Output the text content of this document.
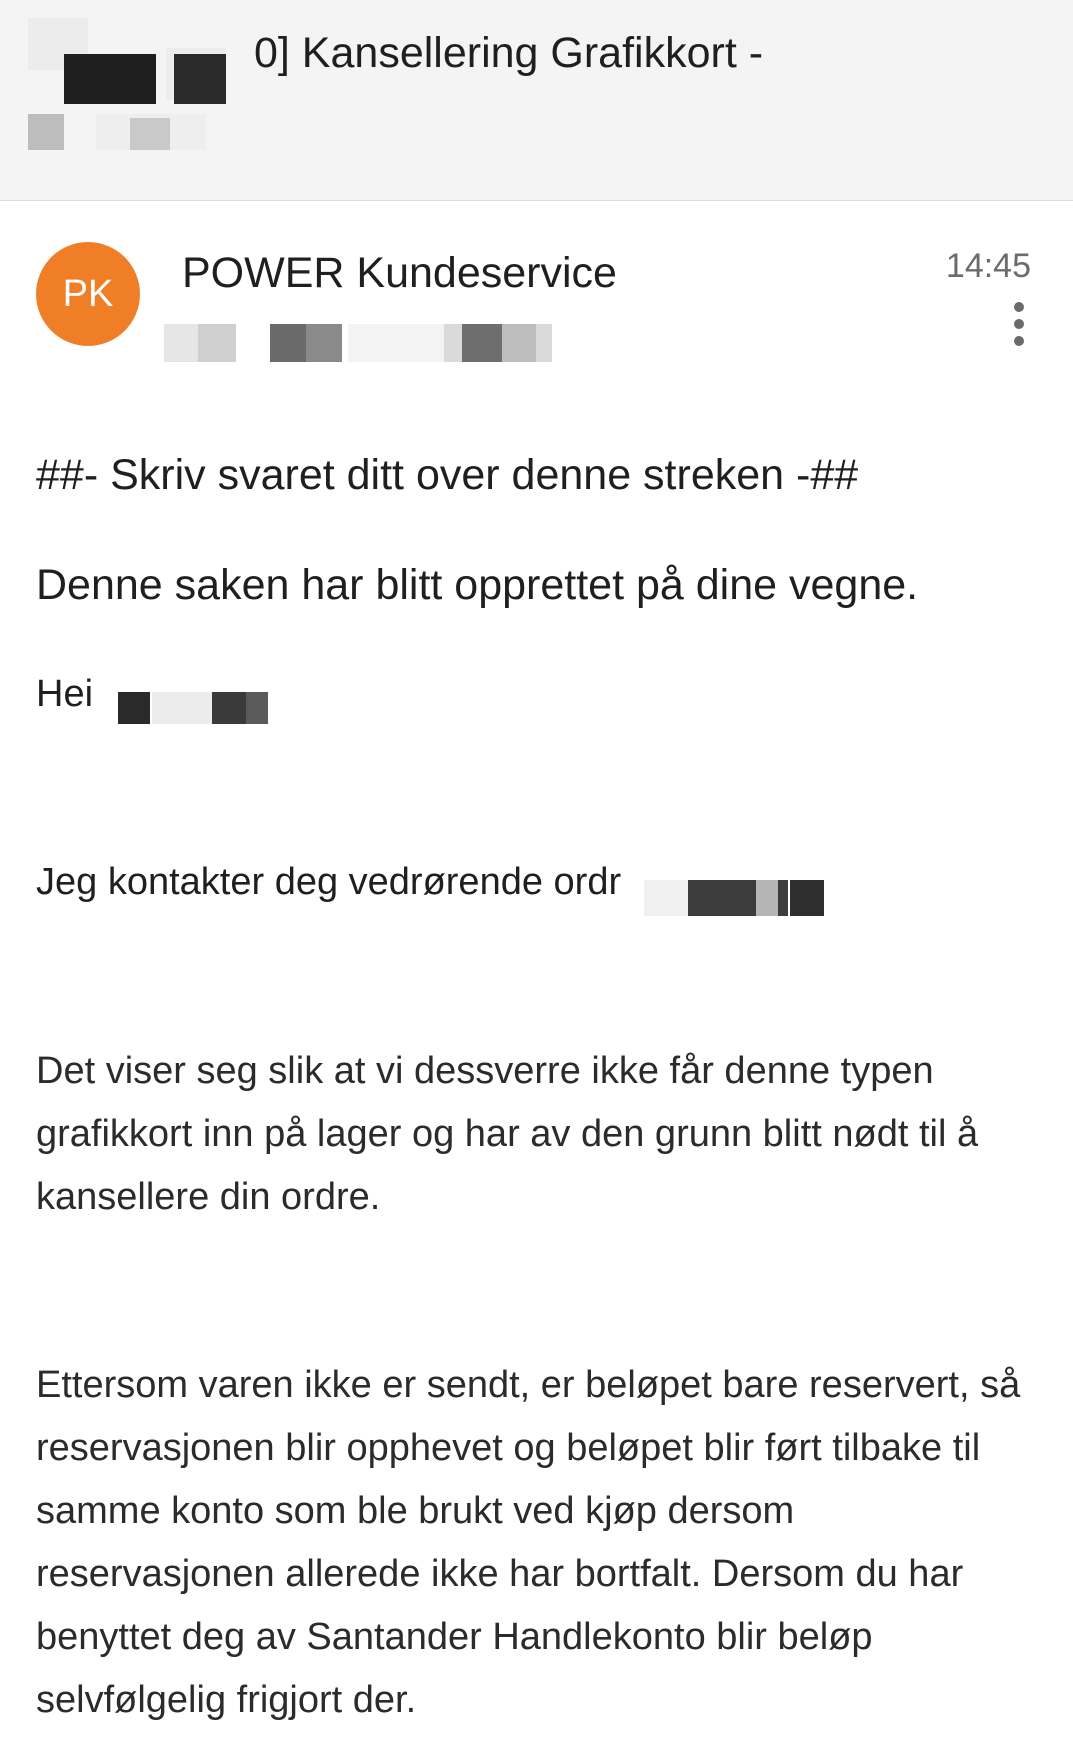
0] Kansellering Grafikkort -
PK	POWER Kundeservice	14:45
##- Skriv svaret ditt over denne streken -##
Denne saken har blitt opprettet på dine vegne.
Hei
Jeg kontakter deg vedrørende ordr
Det viser seg slik at vi dessverre ikke får denne typen grafikkort inn på lager og har av den grunn blitt nødt til å kansellere din ordre.
Ettersom varen ikke er sendt, er beløpet bare reservert, så reservasjonen blir opphevet og beløpet blir ført tilbake til samme konto som ble brukt ved kjøp dersom reservasjonen allerede ikke har bortfalt. Dersom du har benyttet deg av Santander Handlekonto blir beløp selvfølgelig frigjort der.
